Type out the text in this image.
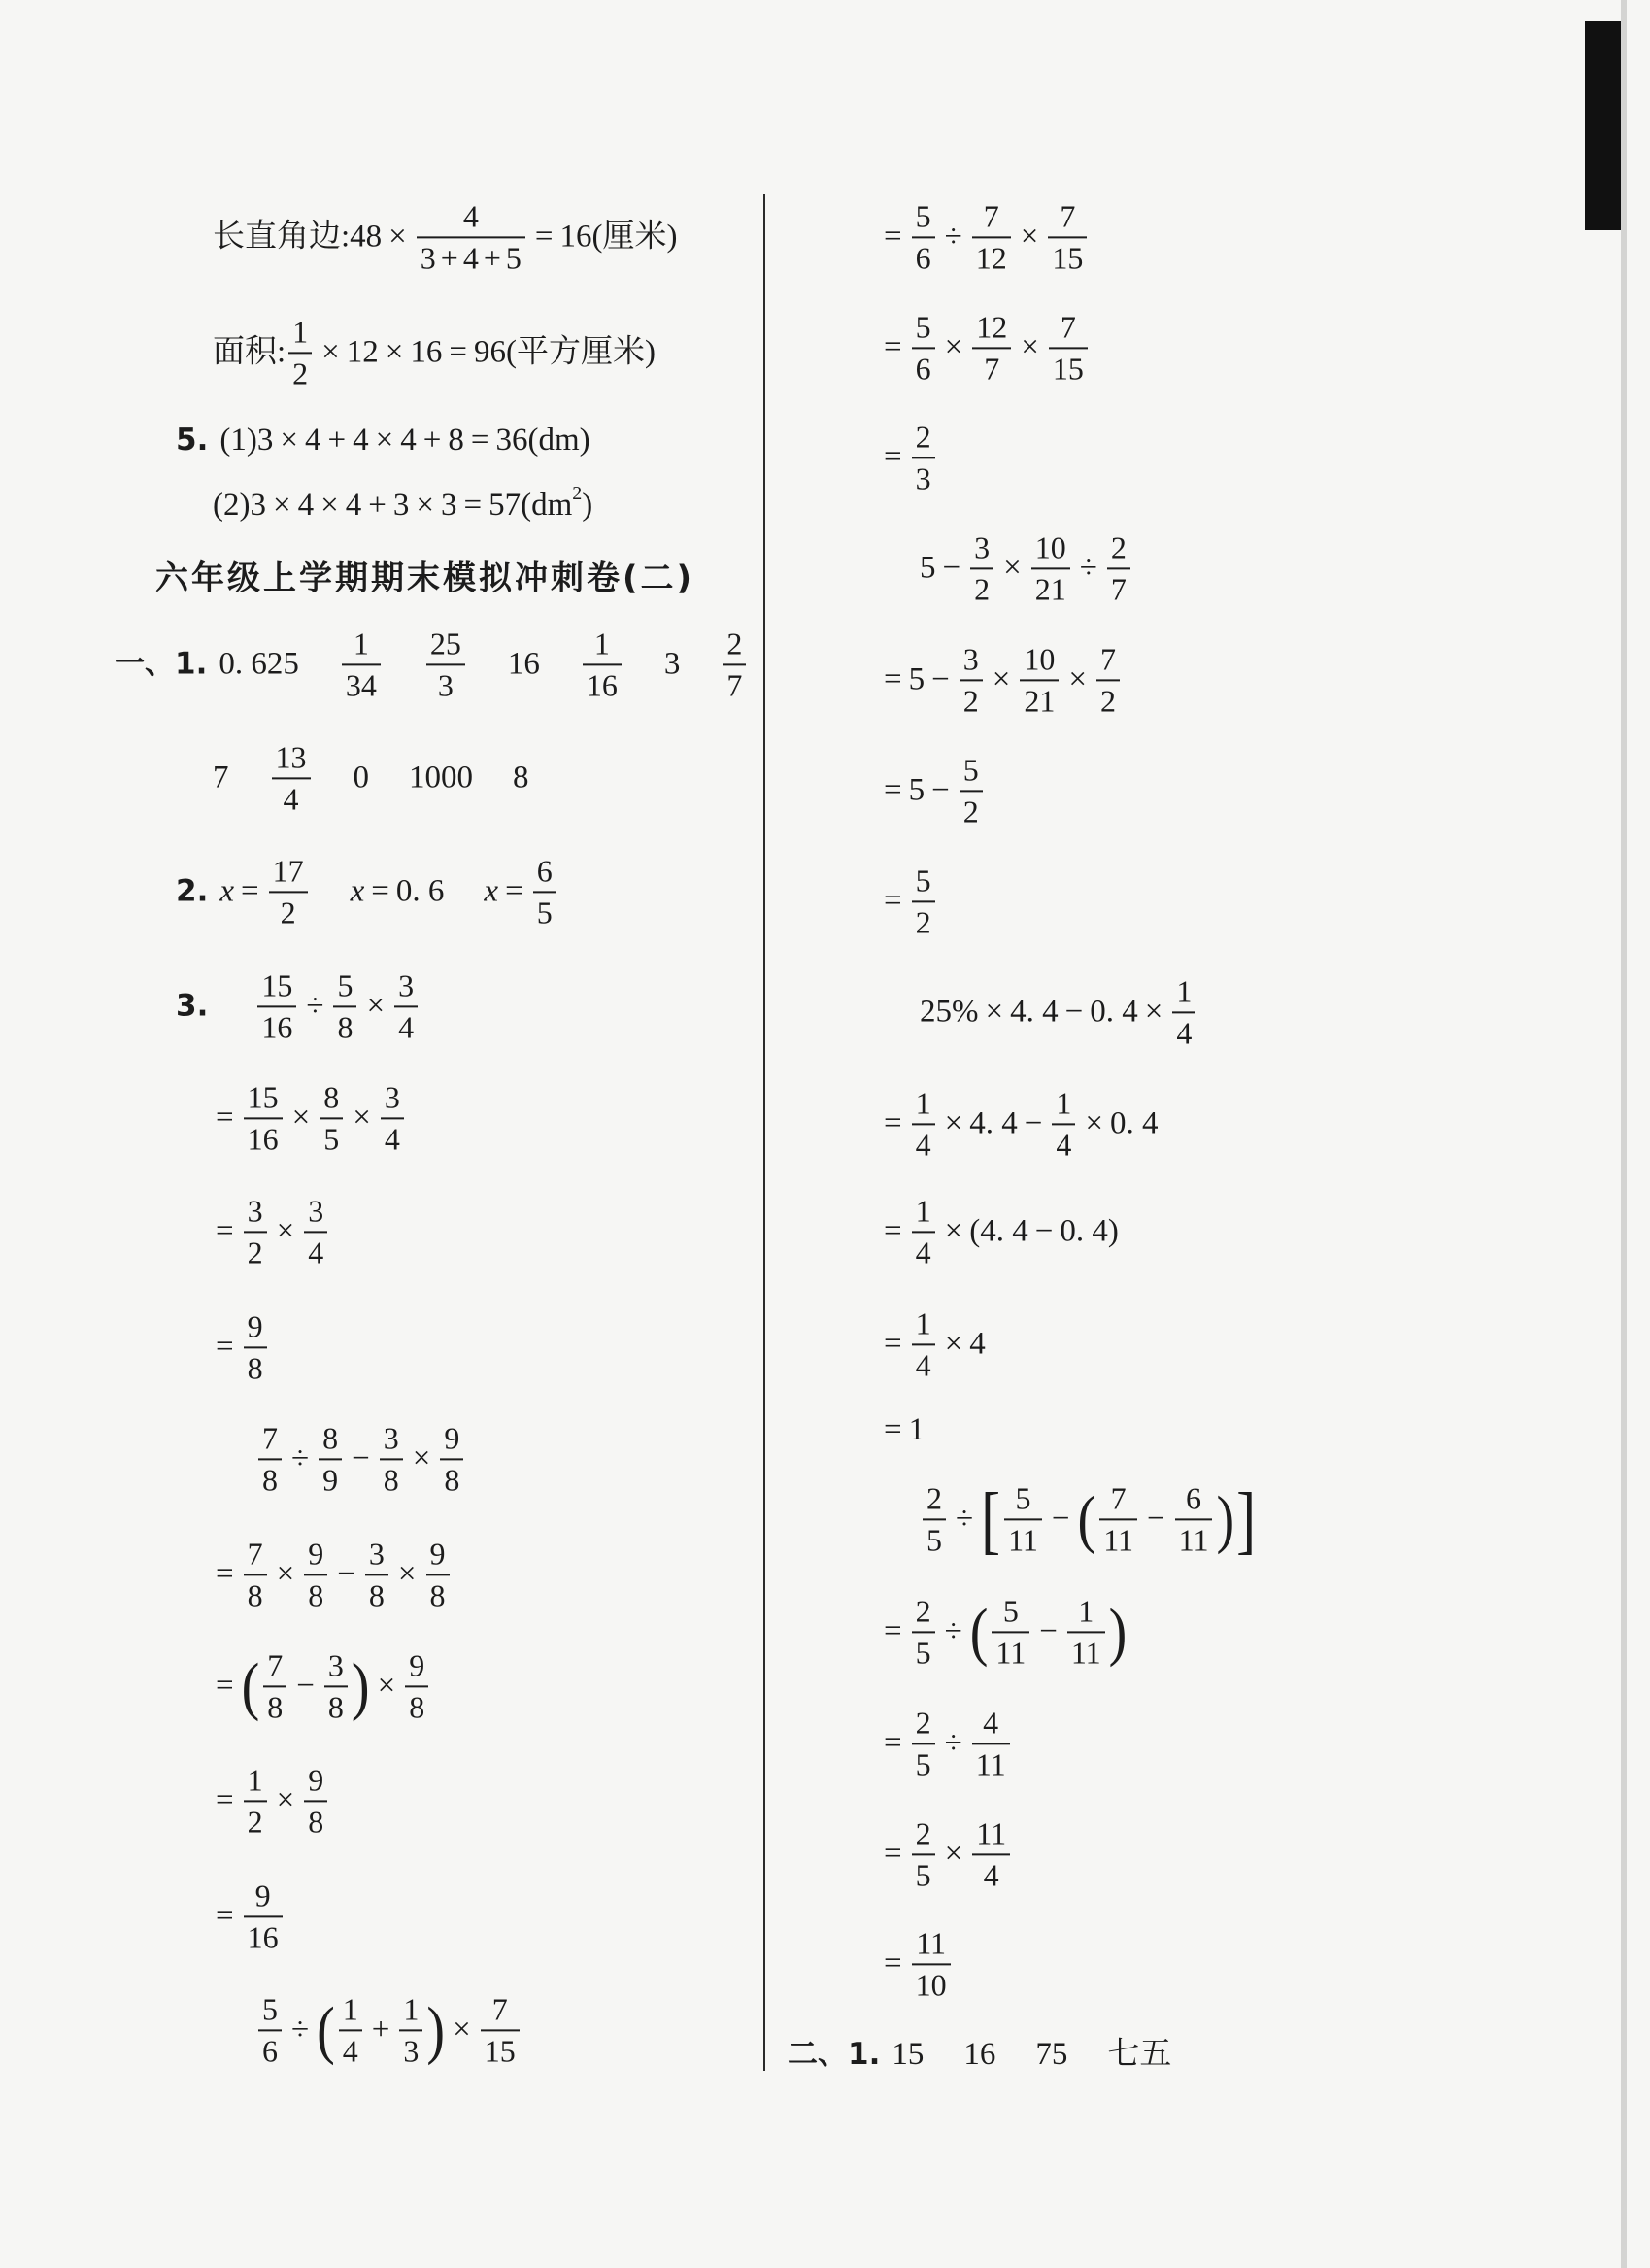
长直角边:48 × $\frac{4}{3 + 4 + 5} = 16$(厘米)
面积: $\frac{1}{2} \times 12 \times 16 = 96$(平方厘米)
5. (1)3 × 4 + 4 × 4 + 8 = 36(dm)
(2)3 × 4 × 4 + 3 × 3 = 57(dm 2 )
六年级上学期期末模拟冲刺卷(二)
一、 1. 0. $625 \frac{1}{34} \frac{25}{3} 16 \frac{1}{16} 3 \frac{2}{7}$
$7 \frac{13}{4} 0$ 1000 8
2. $x = \frac{17}{2}$ x = 0. 6 $x = \frac{6}{5}$
3. $\frac{15}{16} \div \frac{5}{8} \times \frac{3}{4}$
= $\frac{15}{16} \times \frac{8}{5} \times \frac{3}{4}$
= $\frac{3}{2} \times \frac{3}{4}$
= $\frac{9}{8}$
$\frac{7}{8} \div \frac{8}{9} - \frac{3}{8} \times \frac{9}{8}$
= $\frac{7}{8} \times \frac{9}{8} - \frac{3}{8} \times \frac{9}{8}$
= ( $\frac{7}{8} - \frac{3}{8}$ ) × $\frac{9}{8}$
= $\frac{1}{2} \times \frac{9}{8}$
= $\frac{9}{16}$
$\frac{5}{6}$ ÷ ( $\frac{1}{4} + \frac{1}{3}$ ) × $\frac{7}{15}$
= $\frac{5}{6} \div \frac{7}{12} \times \frac{7}{15}$
= $\frac{5}{6} \times \frac{12}{7} \times \frac{7}{15}$
= $\frac{2}{3}$
$5 - \frac{3}{2} \times \frac{10}{21} \div \frac{2}{7}$
= $5 - \frac{3}{2} \times \frac{10}{21} \times \frac{7}{2}$
= $5 - \frac{5}{2}$
= $\frac{5}{2}$
25% × 4. 4 − 0. $4 \times \frac{1}{4}$
= $\frac{1}{4} \times 4$. $4 - \frac{1}{4} \times 0$. 4
= $\frac{1}{4} \times (4$. 4 − 0. 4)
= $\frac{1}{4} \times 4$
= 1
$\frac{2}{5}$ ÷ [ $\frac{5}{11}$ − ( $\frac{7}{11} - \frac{6}{11}$ ) ]
= $\frac{2}{5}$ ÷ ( $\frac{5}{11} - \frac{1}{11}$ )
= $\frac{2}{5} \div \frac{4}{11}$
= $\frac{2}{5} \times \frac{11}{4}$
= $\frac{11}{10}$
二、 1. 15 16 75 七五
